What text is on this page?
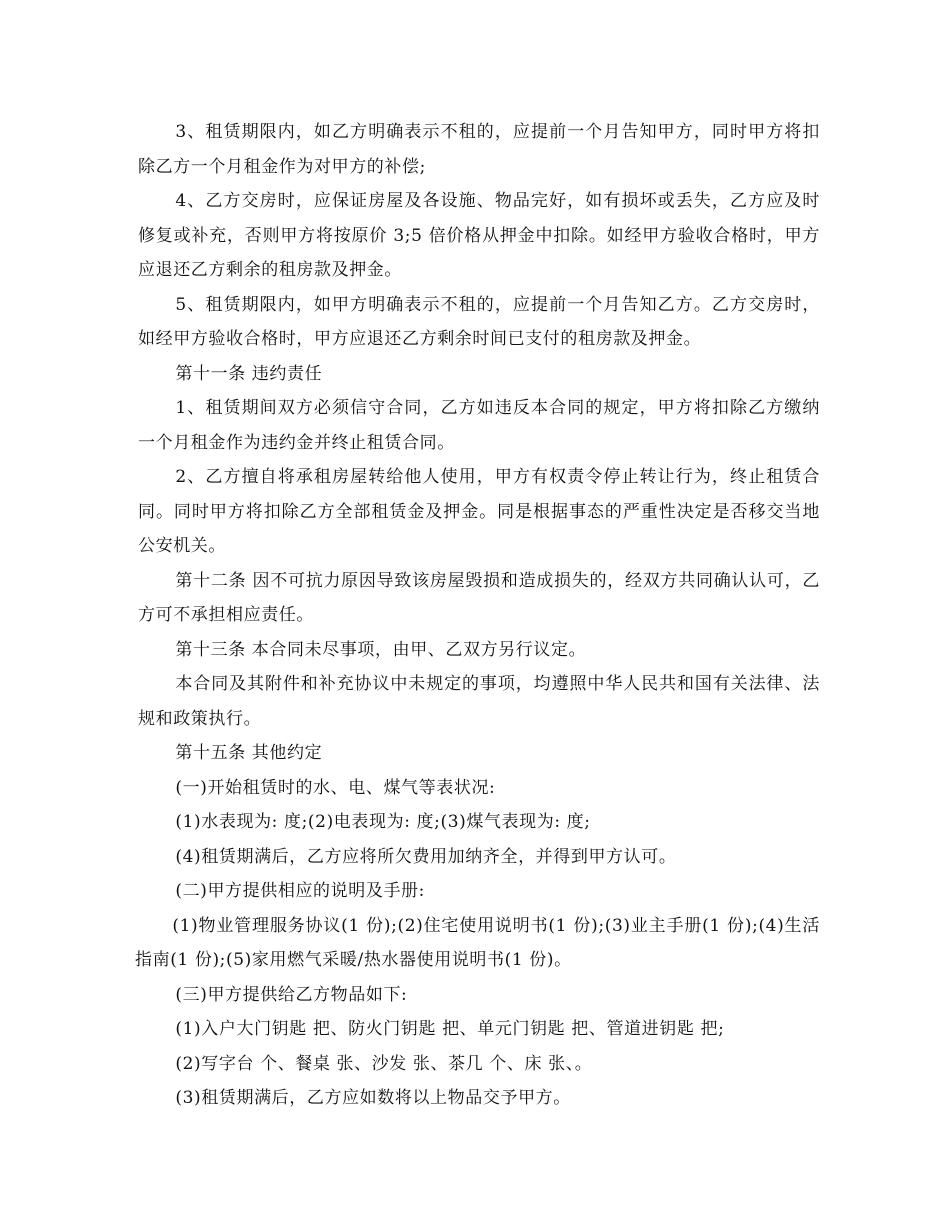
3、租赁期限内，如乙方明确表示不租的，应提前一个月告知甲方，同时甲方将扣除乙方一个月租金作为对甲方的补偿;

4、乙方交房时，应保证房屋及各设施、物品完好，如有损坏或丢失，乙方应及时修复或补充，否则甲方将按原价 3;5 倍价格从押金中扣除。如经甲方验收合格时，甲方应退还乙方剩余的租房款及押金。

5、租赁期限内，如甲方明确表示不租的，应提前一个月告知乙方。乙方交房时，如经甲方验收合格时，甲方应退还乙方剩余时间已支付的租房款及押金。

第十一条 违约责任

1、租赁期间双方必须信守合同，乙方如违反本合同的规定，甲方将扣除乙方缴纳一个月租金作为违约金并终止租赁合同。

2、乙方擅自将承租房屋转给他人使用，甲方有权责令停止转让行为，终止租赁合同。同时甲方将扣除乙方全部租赁金及押金。同是根据事态的严重性决定是否移交当地公安机关。

第十二条 因不可抗力原因导致该房屋毁损和造成损失的，经双方共同确认认可，乙方可不承担相应责任。

第十三条 本合同未尽事项，由甲、乙双方另行议定。

本合同及其附件和补充协议中未规定的事项，均遵照中华人民共和国有关法律、法规和政策执行。

第十五条 其他约定

(一)开始租赁时的水、电、煤气等表状况:

(1)水表现为: 度;(2)电表现为: 度;(3)煤气表现为: 度;

(4)租赁期满后，乙方应将所欠费用加纳齐全，并得到甲方认可。

(二)甲方提供相应的说明及手册:

(1)物业管理服务协议(1 份);(2)住宅使用说明书(1 份);(3)业主手册(1 份);(4)生活指南(1 份);(5)家用燃气采暖/热水器使用说明书(1 份)。

(三)甲方提供给乙方物品如下:

(1)入户大门钥匙 把、防火门钥匙 把、单元门钥匙 把、管道进钥匙 把;

(2)写字台 个、餐桌 张、沙发 张、茶几 个、床 张、。

(3)租赁期满后，乙方应如数将以上物品交予甲方。
